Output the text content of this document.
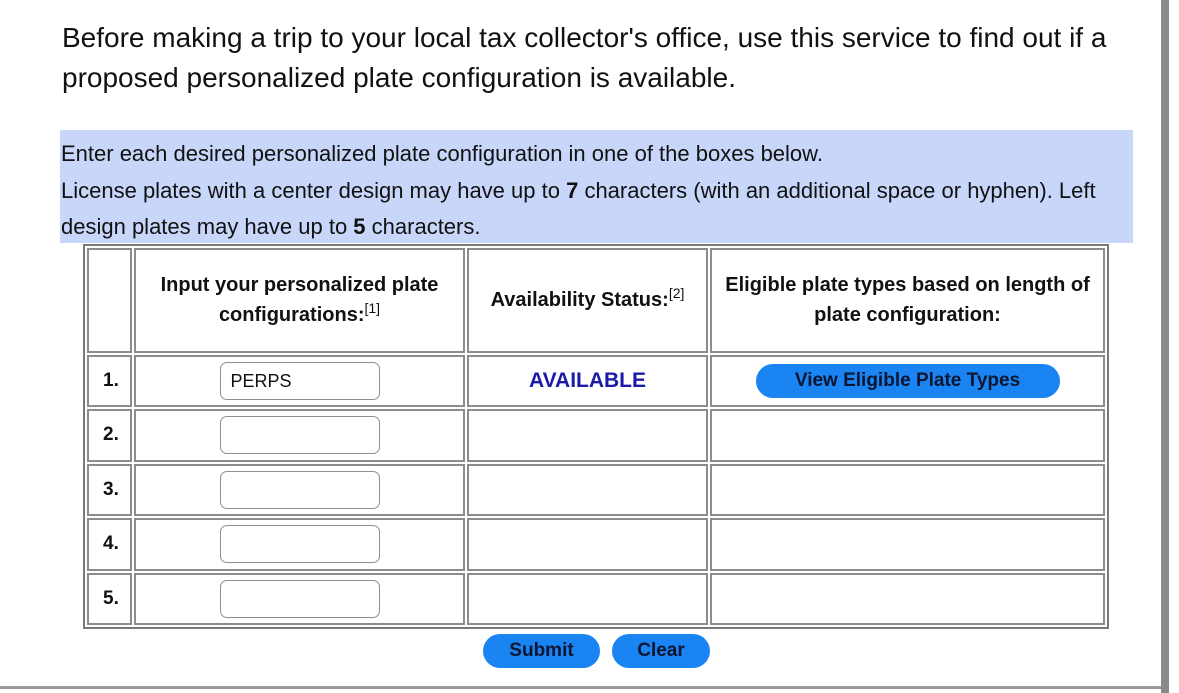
Before making a trip to your local tax collector's office, use this service to find out if a proposed personalized plate configuration is available.

Enter each desired personalized plate configuration in one of the boxes below.

License plates with a center design may have up to 7 characters (with an additional space or hyphen). Left design plates may have up to 5 characters.

	Input your personalized plate configurations:[1]	Availability Status:[2]	Eligible plate types based on length of plate configuration:
1.	PERPS	AVAILABLE	View Eligible Plate Types
2.			
3.			
4.			
5.			
Submit	Clear
